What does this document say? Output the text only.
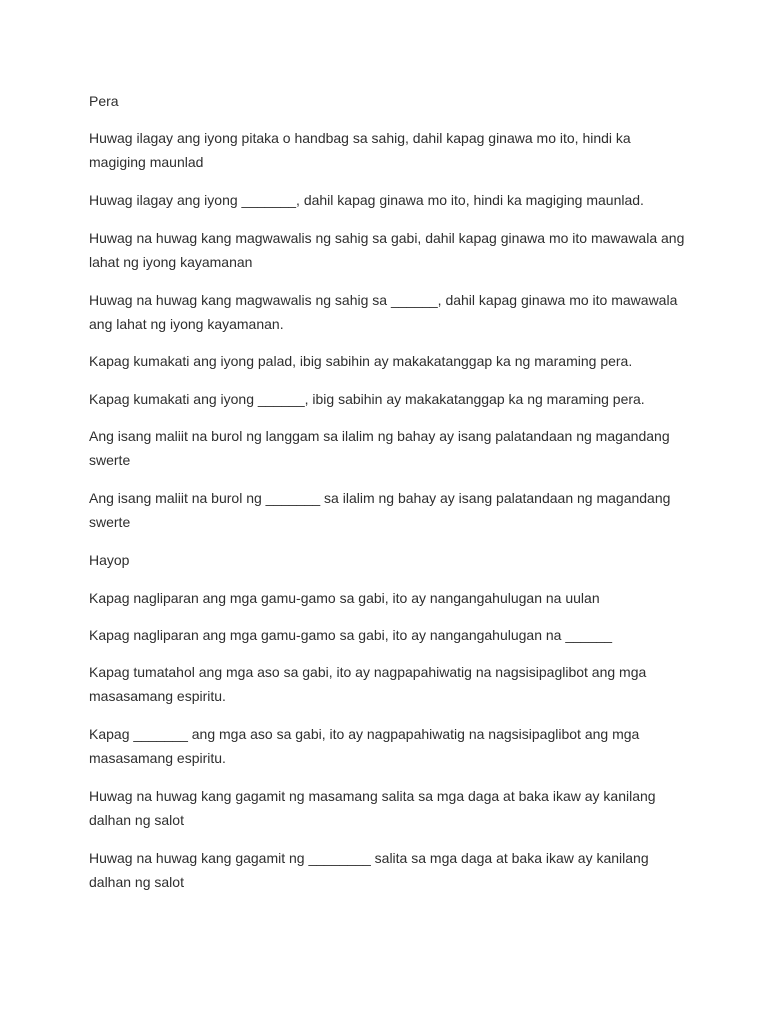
Pera

Huwag ilagay ang iyong pitaka o handbag sa sahig, dahil kapag ginawa mo ito, hindi ka magiging maunlad

Huwag ilagay ang iyong _______, dahil kapag ginawa mo ito, hindi ka magiging maunlad.

Huwag na huwag kang magwawalis ng sahig sa gabi, dahil kapag ginawa mo ito mawawala ang lahat ng iyong kayamanan

Huwag na huwag kang magwawalis ng sahig sa ______, dahil kapag ginawa mo ito mawawala ang lahat ng iyong kayamanan.

Kapag kumakati ang iyong palad, ibig sabihin ay makakatanggap ka ng maraming pera.

Kapag kumakati ang iyong ______, ibig sabihin ay makakatanggap ka ng maraming pera.

Ang isang maliit na burol ng langgam sa ilalim ng bahay ay isang palatandaan ng magandang swerte

Ang isang maliit na burol ng _______ sa ilalim ng bahay ay isang palatandaan ng magandang swerte

Hayop

Kapag nagliparan ang mga gamu-gamo sa gabi, ito ay nangangahulugan na uulan

Kapag nagliparan ang mga gamu-gamo sa gabi, ito ay nangangahulugan na ______

Kapag tumatahol ang mga aso sa gabi, ito ay nagpapahiwatig na nagsisipaglibot ang mga masasamang espiritu.

Kapag _______ ang mga aso sa gabi, ito ay nagpapahiwatig na nagsisipaglibot ang mga masasamang espiritu.

Huwag na huwag kang gagamit ng masamang salita sa mga daga at baka ikaw ay kanilang dalhan ng salot

Huwag na huwag kang gagamit ng ________ salita sa mga daga at baka ikaw ay kanilang dalhan ng salot
